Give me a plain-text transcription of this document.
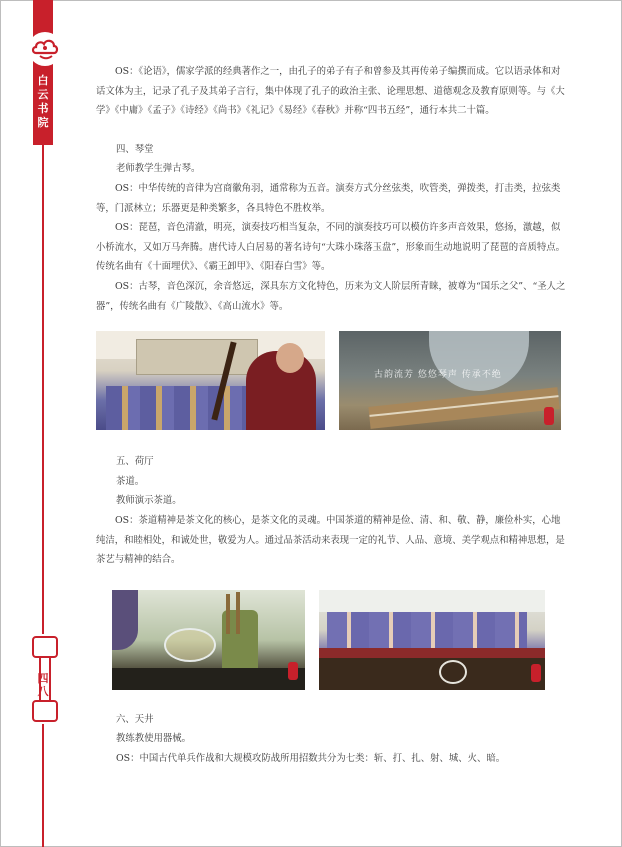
白云书院
四八

OS：《论语》，儒家学派的经典著作之一，由孔子的弟子有子和曾参及其再传弟子编撰而成。它以语录体和对话文体为主，记录了孔子及其弟子言行，集中体现了孔子的政治主张、论理思想、道德观念及教育原则等。与《大学》《中庸》《孟子》《诗经》《尚书》《礼记》《易经》《春秋》并称“四书五经”，通行本共二十篇。

四、琴堂

老师教学生弹古琴。

OS：中华传统的音律为宫商徽角羽，通常称为五音。演奏方式分丝弦类，吹管类，弹拨类，打击类，拉弦类等，门派林立；乐器更是种类繁多，各具特色不胜枚举。

OS：琵琶，音色清澈，明亮，演奏技巧相当复杂，不同的演奏技巧可以模仿许多声音效果，悠扬，激越，似小桥流水，又如万马奔腾。唐代诗人白居易的著名诗句“大珠小珠落玉盘”，形象而生动地说明了琵琶的音质特点。传统名曲有《十面埋伏》、《霸王卸甲》、《阳春白雪》等。

OS：古琴，音色深沉，余音悠远，深具东方文化特色，历来为文人阶层所青睐，被尊为“国乐之父”、“圣人之器”，传统名曲有《广陵散》、《高山流水》等。

古韵流芳 悠悠琴声 传承不绝

五、荷厅

茶道。

教师演示茶道。

OS：茶道精神是茶文化的核心，是茶文化的灵魂。中国茶道的精神是俭、清、和、敬、静，廉俭朴实，心地纯洁，和睦相处，和诚处世，敬爱为人。通过品茶活动来表现一定的礼节、人品、意境、美学观点和精神思想，是茶艺与精神的结合。

六、天井

教练教使用器械。

OS：中国古代单兵作战和大规模攻防战所用招数共分为七类：斩、打、扎、射、城、火、暗。
